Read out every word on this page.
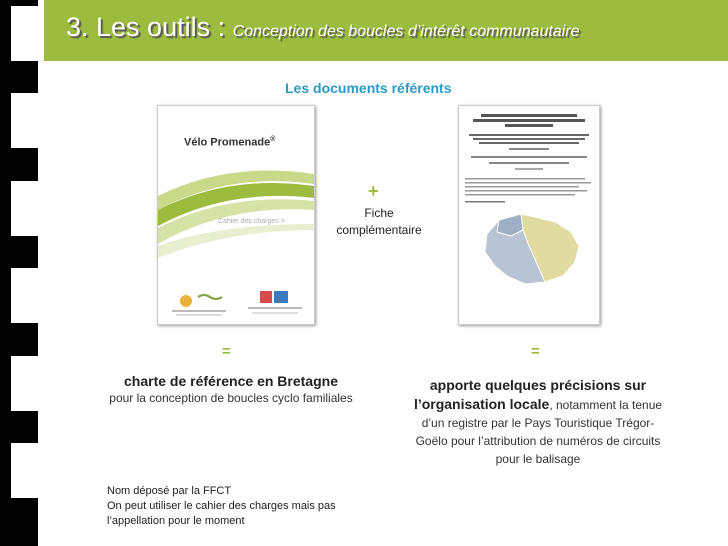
3. Les outils : Conception des boucles d’intérêt communautaire
Les documents référents
Vélo Promenade®
Cahier des charges >
+
Fiche
complémentaire
=	=
charte de référence en Bretagne
pour la conception de boucles cyclo familiales
apporte quelques précisions sur l’organisation locale, notamment la tenue d’un registre par le Pays Touristique Trégor-Goëlo pour l’attribution de numéros de circuits pour le balisage
Nom déposé par la FFCT
On peut utiliser le cahier des charges mais pas l’appellation pour le moment
